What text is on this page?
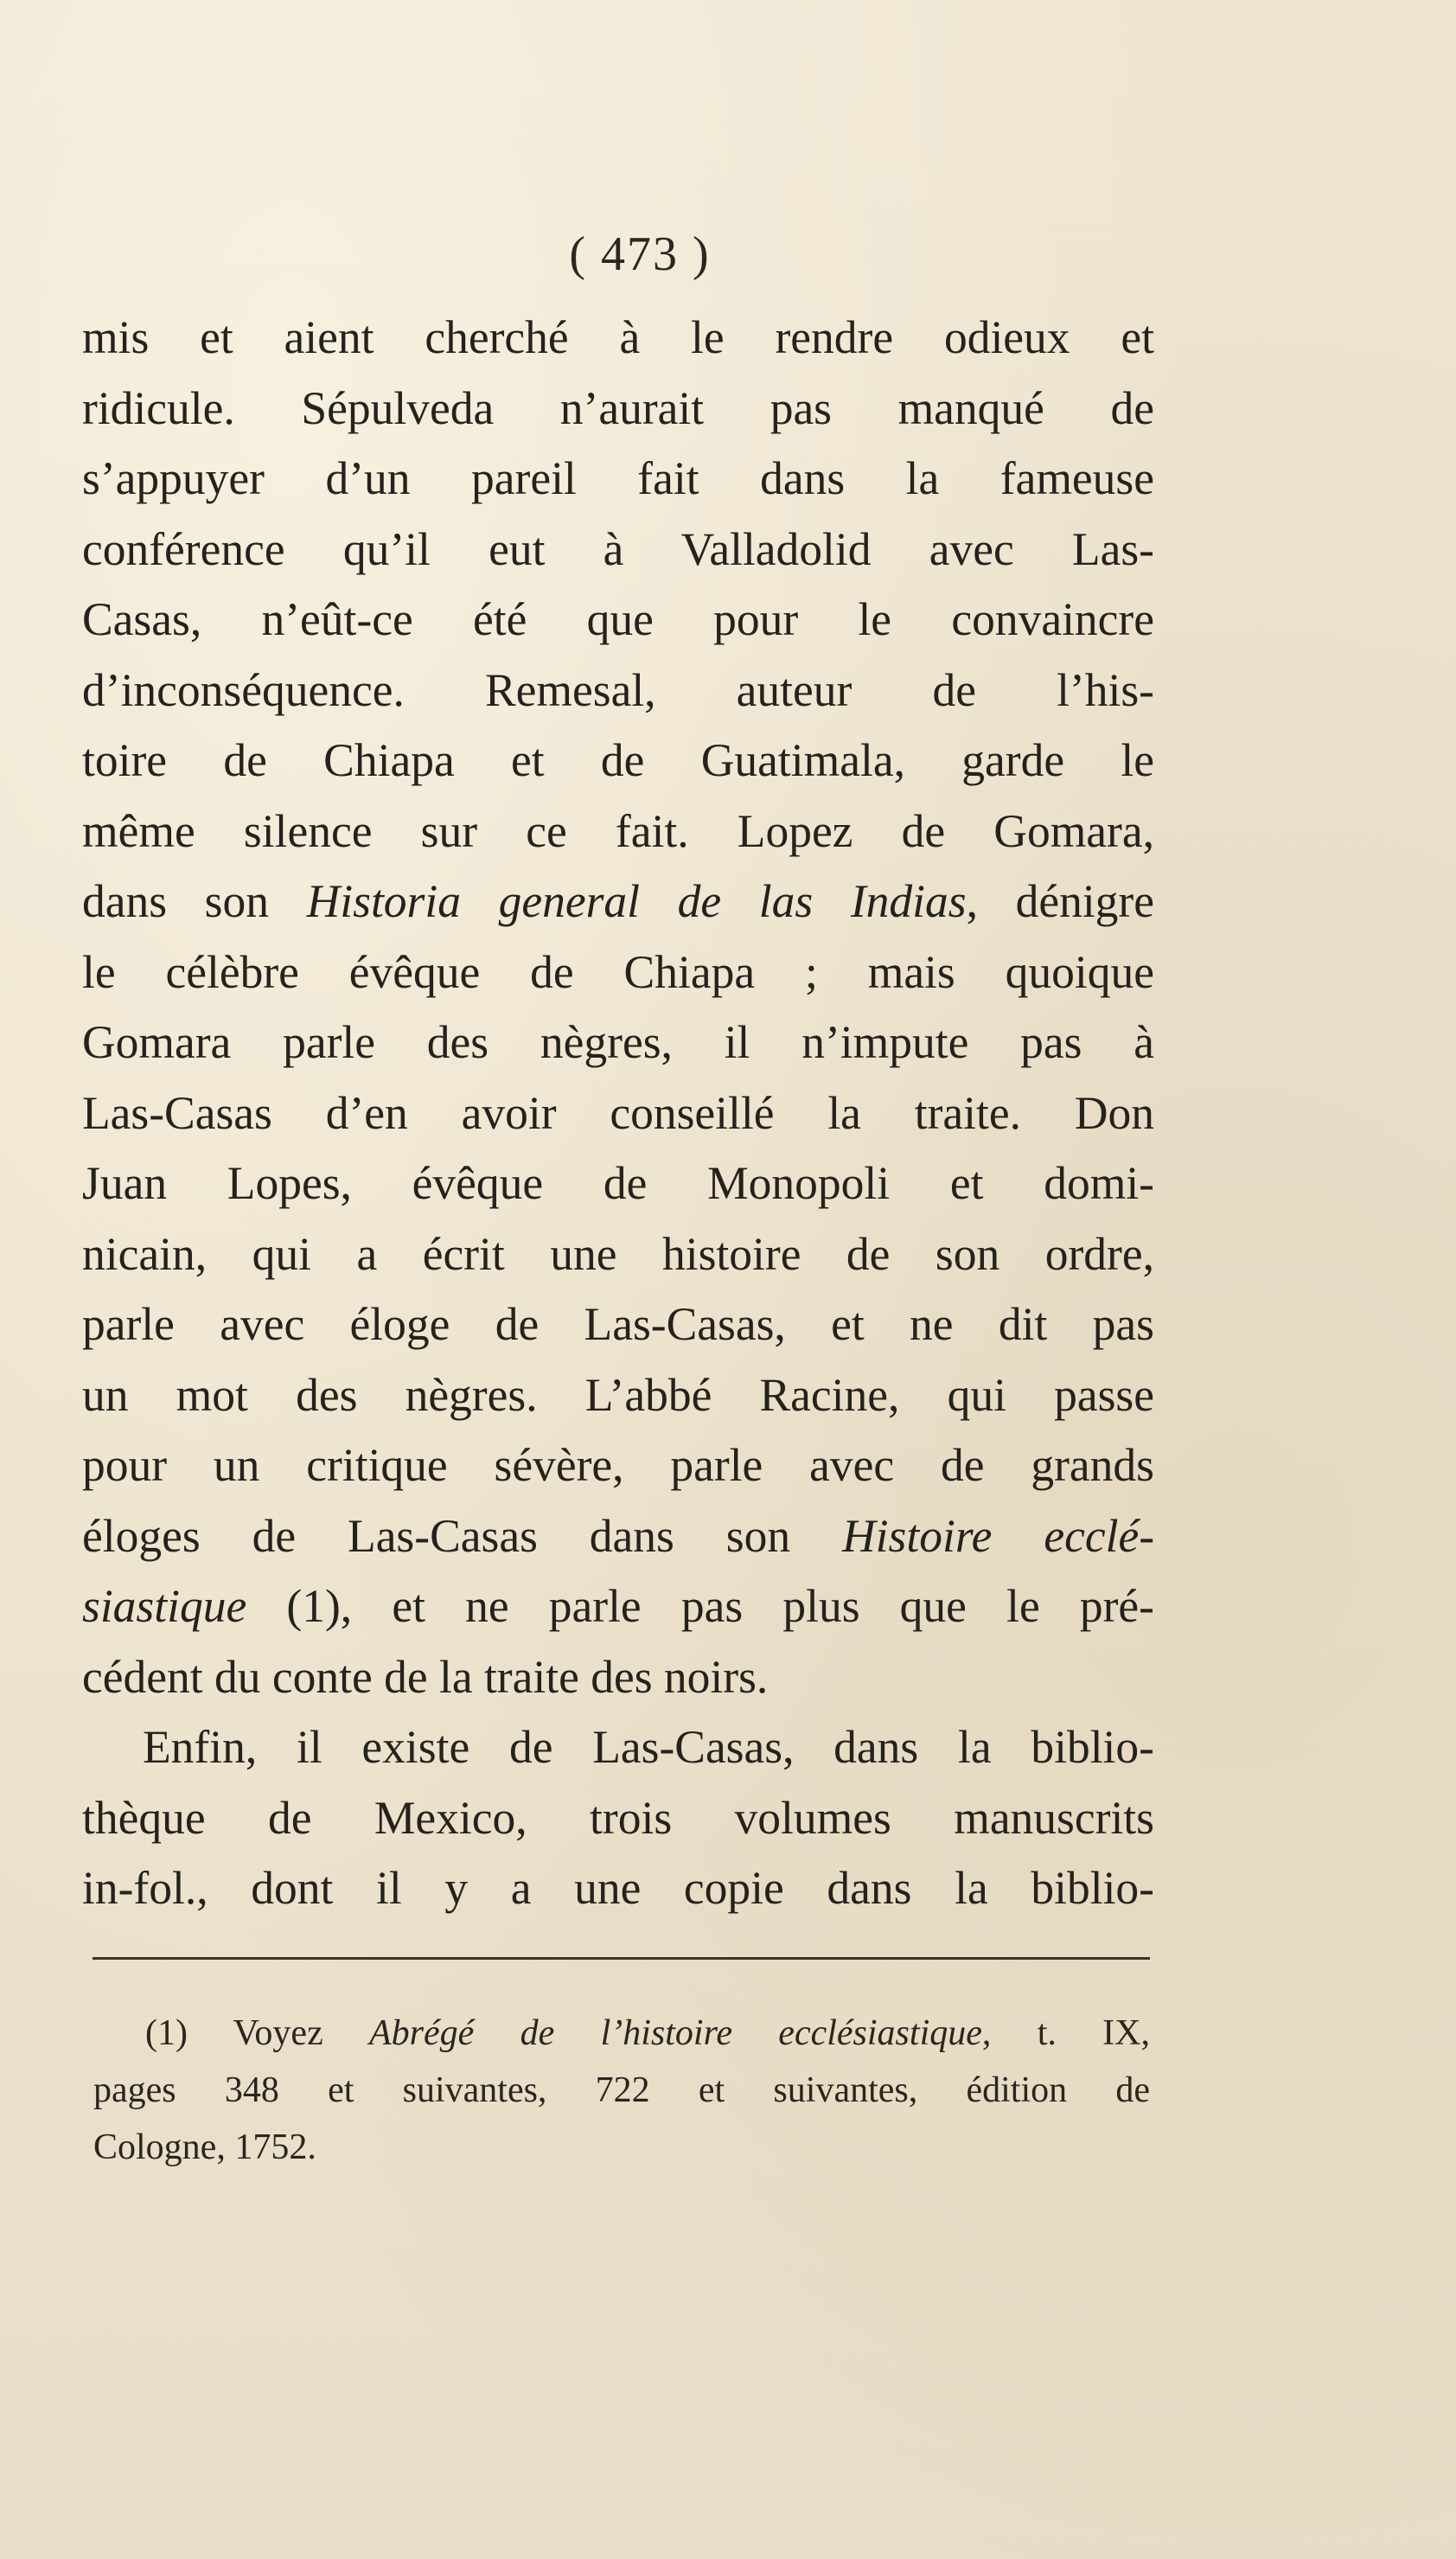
( 473 )
mis et aient cherché à le rendre odieux et
ridicule. Sépulveda n’aurait pas manqué de
s’appuyer d’un pareil fait dans la fameuse
conférence qu’il eut à Valladolid avec Las-
Casas, n’eût-ce été que pour le convaincre
d’inconséquence. Remesal, auteur de l’his-
toire de Chiapa et de Guatimala, garde le
même silence sur ce fait. Lopez de Gomara,
dans son Historia general de las Indias, dénigre
le célèbre évêque de Chiapa ; mais quoique
Gomara parle des nègres, il n’impute pas à
Las-Casas d’en avoir conseillé la traite. Don
Juan Lopes, évêque de Monopoli et domi-
nicain, qui a écrit une histoire de son ordre,
parle avec éloge de Las-Casas, et ne dit pas
un mot des nègres. L’abbé Racine, qui passe
pour un critique sévère, parle avec de grands
éloges de Las-Casas dans son Histoire ecclé-
siastique (1), et ne parle pas plus que le pré-
cédent du conte de la traite des noirs.
Enfin, il existe de Las-Casas, dans la biblio-
thèque de Mexico, trois volumes manuscrits
in-fol., dont il y a une copie dans la biblio-
(1) Voyez Abrégé de l’histoire ecclésiastique, t. IX,
pages 348 et suivantes, 722 et suivantes, édition de
Cologne, 1752.
